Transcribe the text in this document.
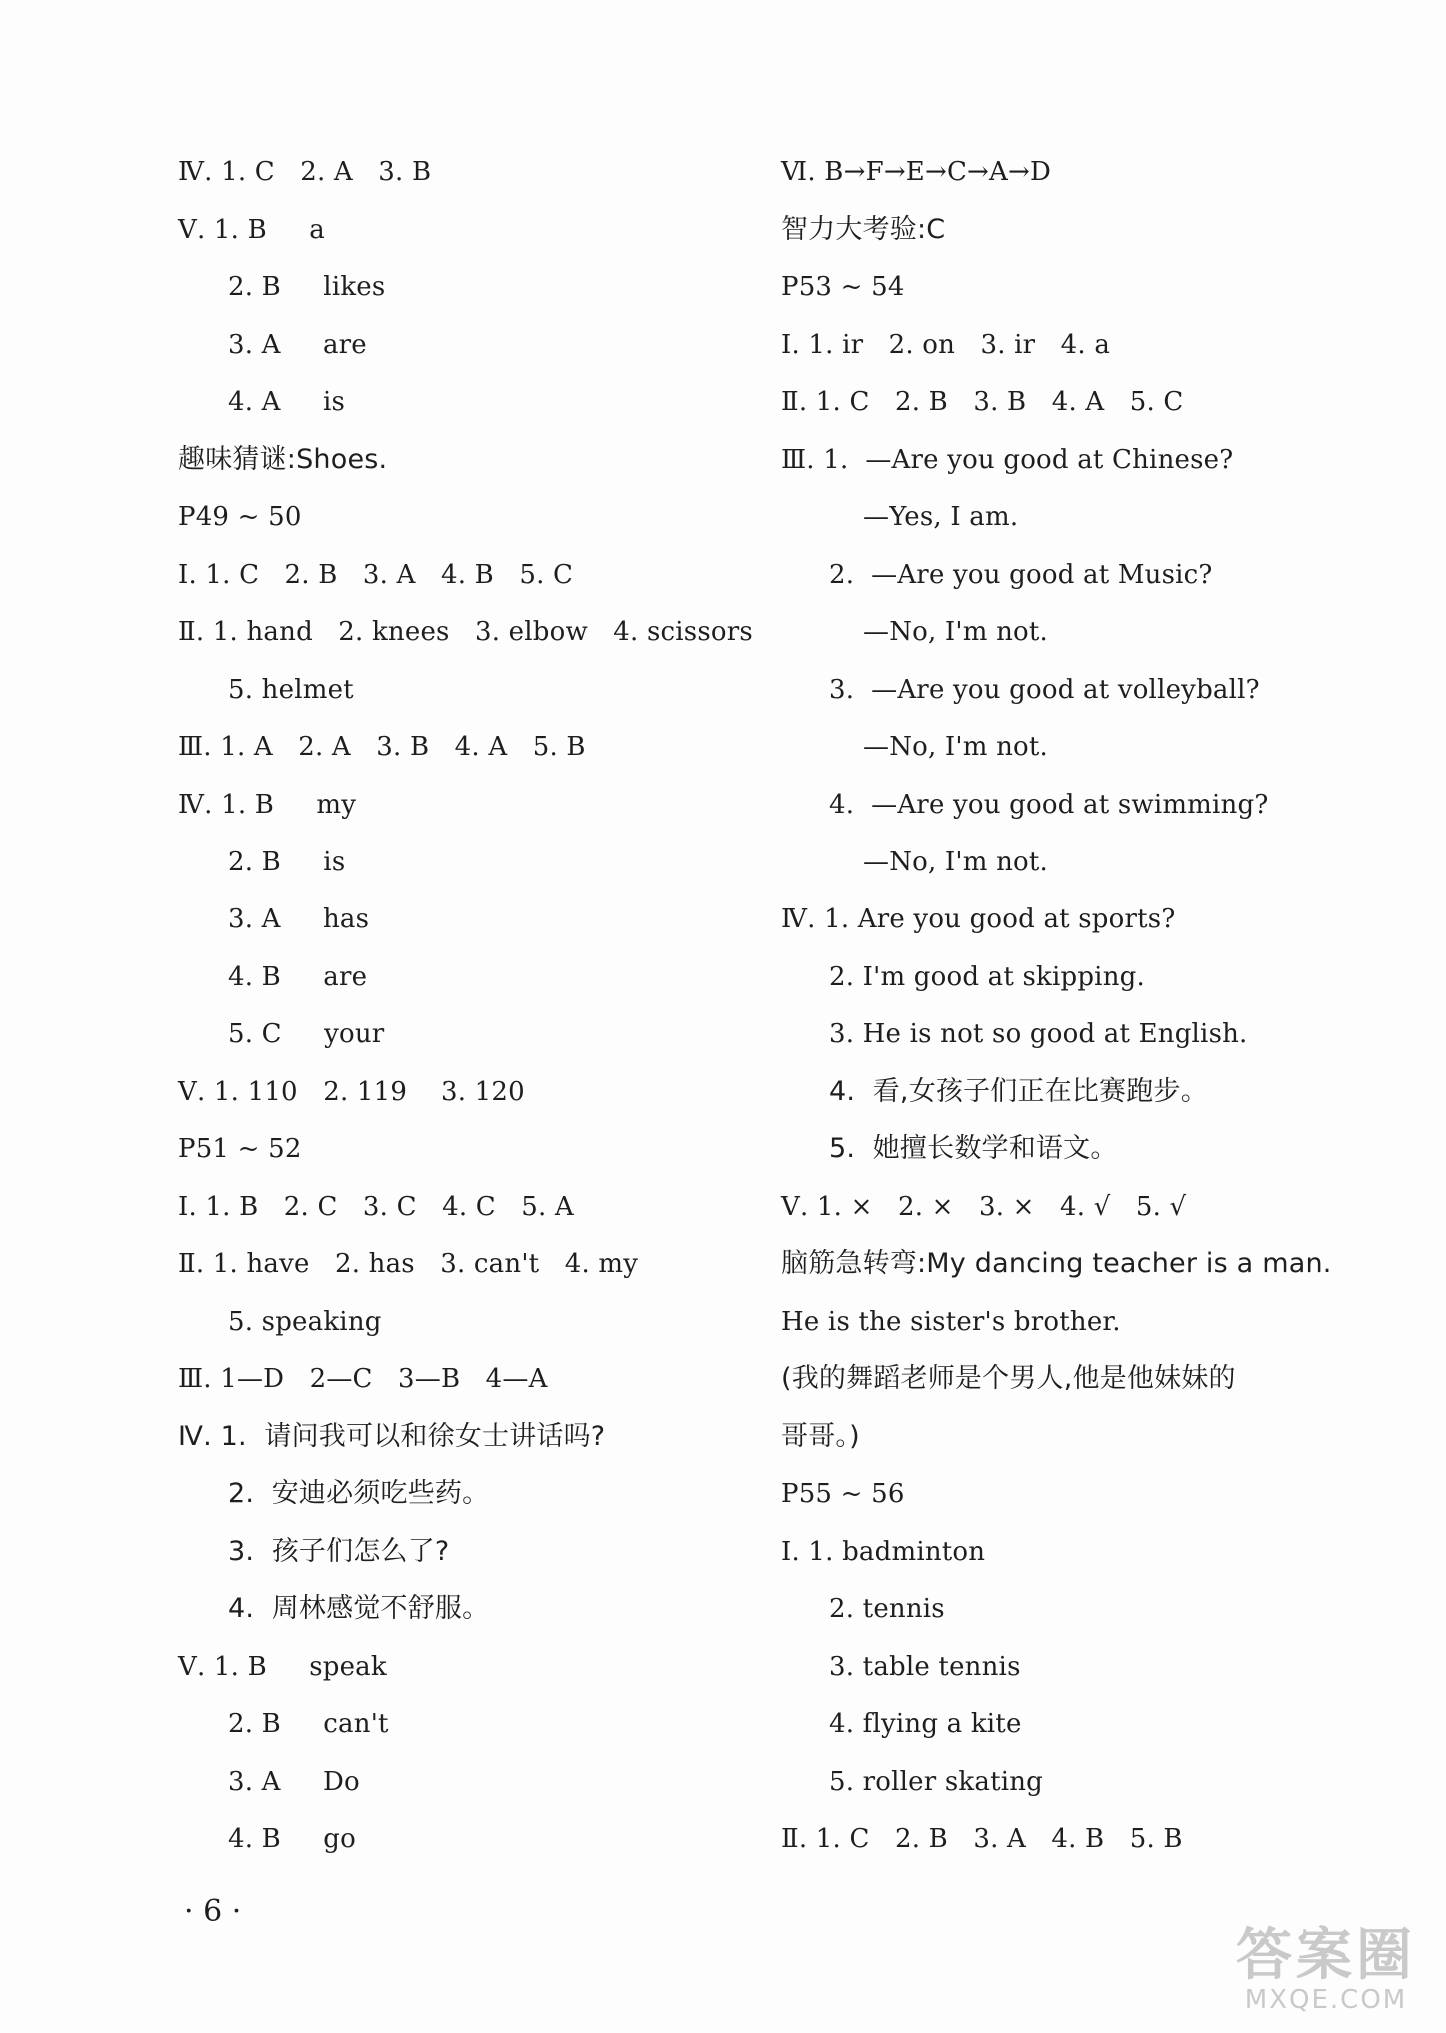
Ⅳ. 1. C   2. A   3. B
Ⅴ. 1. B     a
2. B     likes
3. A     are
4. A     is
趣味猜谜:Shoes.
P49 ~ 50
Ⅰ. 1. C   2. B   3. A   4. B   5. C
Ⅱ. 1. hand   2. knees   3. elbow   4. scissors
5. helmet
Ⅲ. 1. A   2. A   3. B   4. A   5. B
Ⅳ. 1. B     my
2. B     is
3. A     has
4. B     are
5. C     your
Ⅴ. 1. 110   2. 119    3. 120
P51 ~ 52
Ⅰ. 1. B   2. C   3. C   4. C   5. A
Ⅱ. 1. have   2. has   3. can't   4. my
5. speaking
Ⅲ. 1—D   2—C   3—B   4—A
Ⅳ. 1.  请问我可以和徐女士讲话吗?
2.  安迪必须吃些药。
3.  孩子们怎么了?
4.  周林感觉不舒服。
Ⅴ. 1. B     speak
2. B     can't
3. A     Do
4. B     go
Ⅵ. B→F→E→C→A→D
智力大考验:C
P53 ~ 54
Ⅰ. 1. ir   2. on   3. ir   4. a
Ⅱ. 1. C   2. B   3. B   4. A   5. C
Ⅲ. 1.  —Are you good at Chinese?
—Yes, I am.
2.  —Are you good at Music?
—No, I'm not.
3.  —Are you good at volleyball?
—No, I'm not.
4.  —Are you good at swimming?
—No, I'm not.
Ⅳ. 1. Are you good at sports?
2. I'm good at skipping.
3. He is not so good at English.
4.  看,女孩子们正在比赛跑步。
5.  她擅长数学和语文。
Ⅴ. 1. ×   2. ×   3. ×   4. √   5. √
脑筋急转弯:My dancing teacher is a man.
He is the sister's brother.
(我的舞蹈老师是个男人,他是他妹妹的
哥哥。)
P55 ~ 56
Ⅰ. 1. badminton
2. tennis
3. table tennis
4. flying a kite
5. roller skating
Ⅱ. 1. C   2. B   3. A   4. B   5. B
· 6 ·
答案圈
MXQE.COM
